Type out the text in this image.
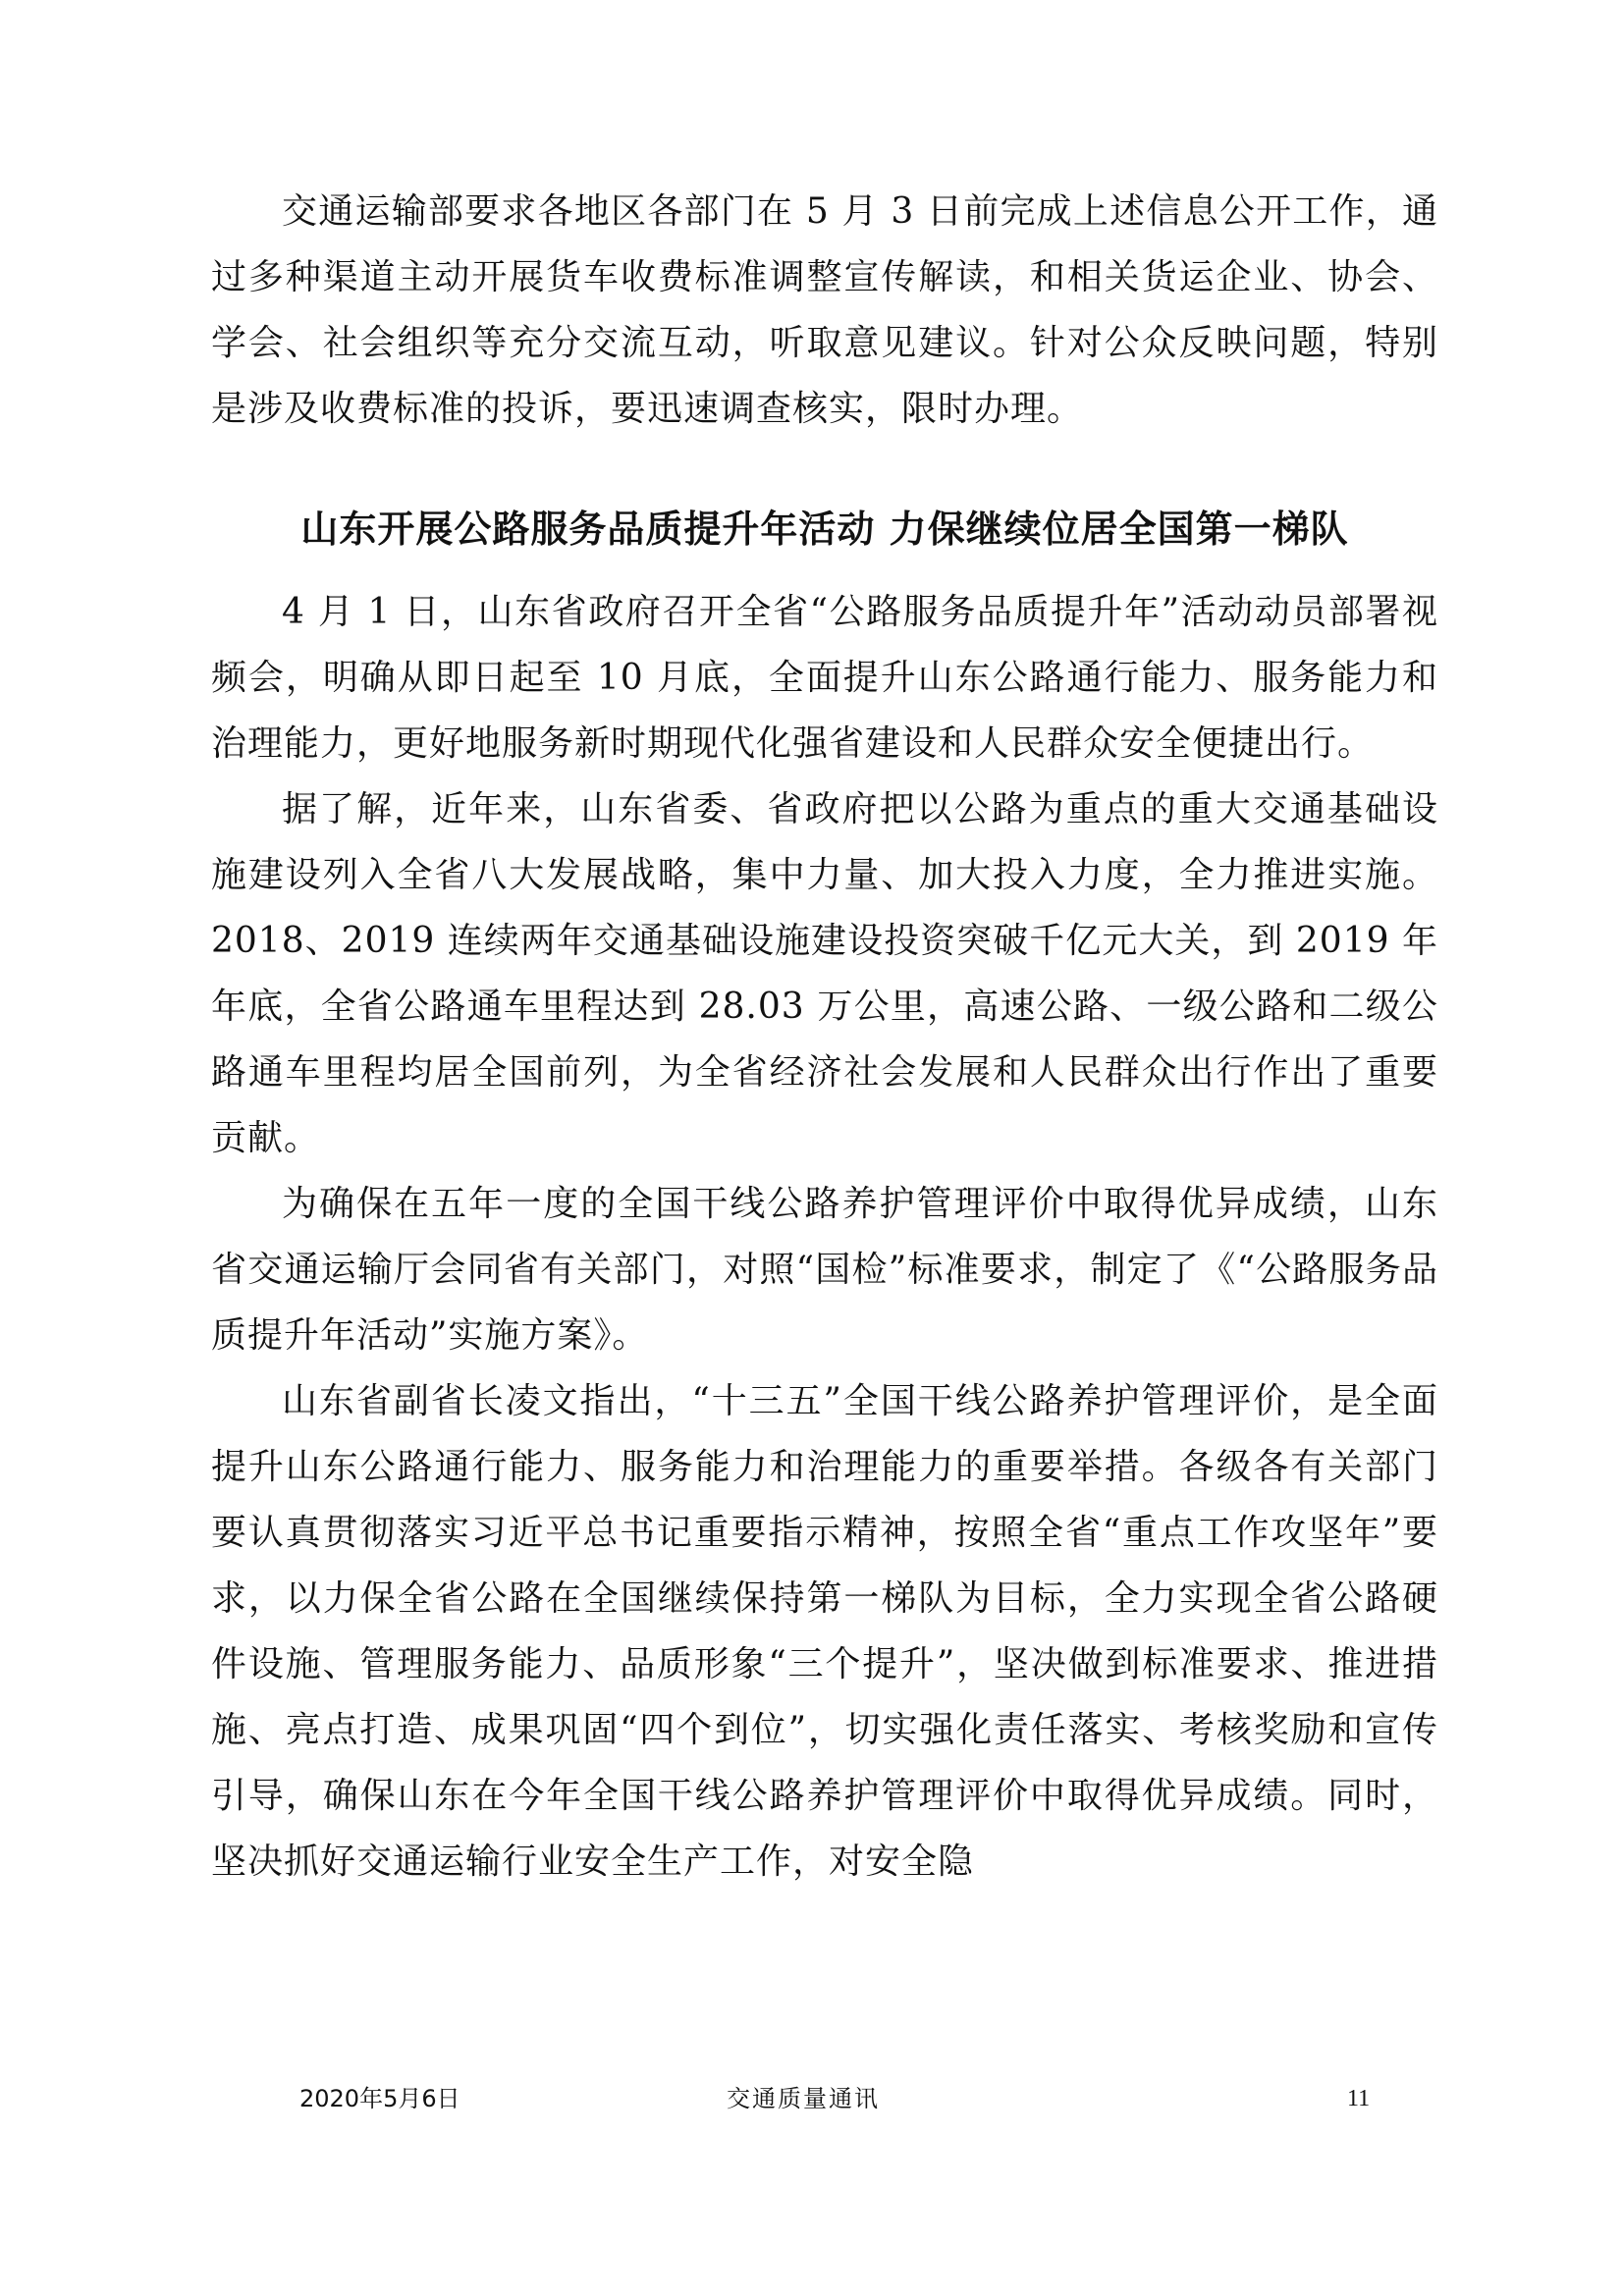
交通运输部要求各地区各部门在 5 月 3 日前完成上述信息公开工作，通过多种渠道主动开展货车收费标准调整宣传解读，和相关货运企业、协会、学会、社会组织等充分交流互动，听取意见建议。针对公众反映问题，特别是涉及收费标准的投诉，要迅速调查核实，限时办理。

山东开展公路服务品质提升年活动 力保继续位居全国第一梯队

4 月 1 日，山东省政府召开全省“公路服务品质提升年”活动动员部署视频会，明确从即日起至 10 月底，全面提升山东公路通行能力、服务能力和治理能力，更好地服务新时期现代化强省建设和人民群众安全便捷出行。

据了解，近年来，山东省委、省政府把以公路为重点的重大交通基础设施建设列入全省八大发展战略，集中力量、加大投入力度，全力推进实施。2018、2019 连续两年交通基础设施建设投资突破千亿元大关，到 2019 年年底，全省公路通车里程达到 28.03 万公里，高速公路、一级公路和二级公路通车里程均居全国前列，为全省经济社会发展和人民群众出行作出了重要贡献。

为确保在五年一度的全国干线公路养护管理评价中取得优异成绩，山东省交通运输厅会同省有关部门，对照“国检”标准要求，制定了《“公路服务品质提升年活动”实施方案》。

山东省副省长凌文指出，“十三五”全国干线公路养护管理评价，是全面提升山东公路通行能力、服务能力和治理能力的重要举措。各级各有关部门要认真贯彻落实习近平总书记重要指示精神，按照全省“重点工作攻坚年”要求，以力保全省公路在全国继续保持第一梯队为目标，全力实现全省公路硬件设施、管理服务能力、品质形象“三个提升”，坚决做到标准要求、推进措施、亮点打造、成果巩固“四个到位”，切实强化责任落实、考核奖励和宣传引导，确保山东在今年全国干线公路养护管理评价中取得优异成绩。同时，坚决抓好交通运输行业安全生产工作，对安全隐

2020年5月6日	交通质量通讯	11
